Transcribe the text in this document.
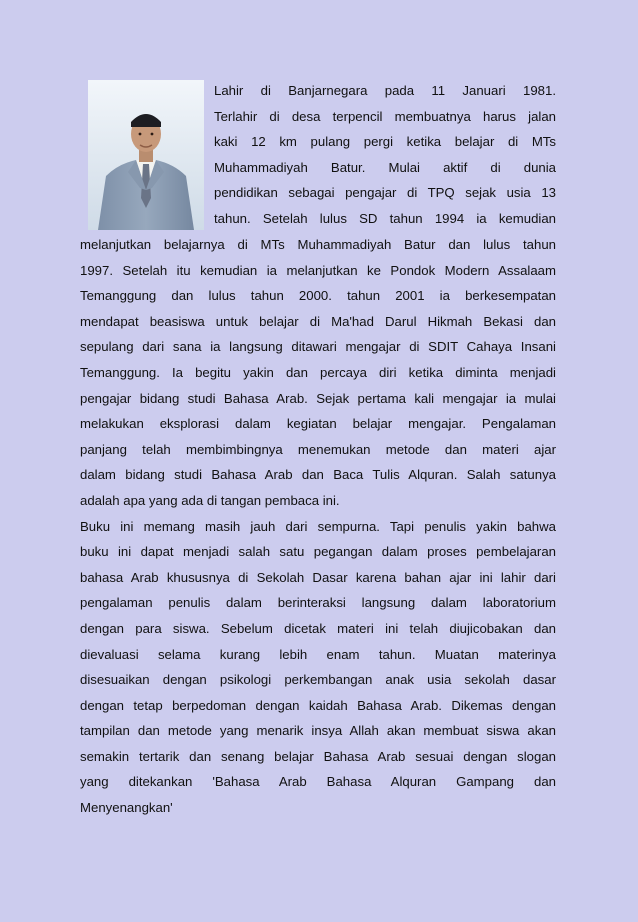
Lahir di Banjarnegara pada 11 Januari 1981.
Terlahir di desa terpencil membuatnya harus jalan
kaki 12 km pulang pergi ketika belajar di MTs
Muhammadiyah Batur. Mulai aktif di dunia
pendidikan sebagai pengajar di TPQ sejak usia 13
tahun. Setelah lulus SD tahun 1994 ia kemudian
melanjutkan belajarnya di MTs Muhammadiyah Batur dan lulus tahun
1997. Setelah itu kemudian ia melanjutkan ke Pondok Modern Assalaam
Temanggung dan lulus tahun 2000. tahun 2001 ia berkesempatan
mendapat beasiswa untuk belajar di Ma'had Darul Hikmah Bekasi dan
sepulang dari sana ia langsung ditawari mengajar di SDIT Cahaya Insani
Temanggung. Ia begitu yakin dan percaya diri ketika diminta menjadi
pengajar bidang studi Bahasa Arab. Sejak pertama kali mengajar ia mulai
melakukan eksplorasi dalam kegiatan belajar mengajar. Pengalaman
panjang telah membimbingnya menemukan metode dan materi ajar
dalam bidang studi Bahasa Arab dan Baca Tulis Alquran. Salah satunya
adalah apa yang ada di tangan pembaca ini.
Buku ini memang masih jauh dari sempurna. Tapi penulis yakin bahwa
buku ini dapat menjadi salah satu pegangan dalam proses pembelajaran
bahasa Arab khususnya di Sekolah Dasar karena bahan ajar ini lahir dari
pengalaman penulis dalam berinteraksi langsung dalam laboratorium
dengan para siswa. Sebelum dicetak materi ini telah diujicobakan dan
dievaluasi selama kurang lebih enam tahun. Muatan materinya
disesuaikan dengan psikologi perkembangan anak usia sekolah dasar
dengan tetap berpedoman dengan kaidah Bahasa Arab. Dikemas dengan
tampilan dan metode yang menarik insya Allah akan membuat siswa akan
semakin tertarik dan senang belajar Bahasa Arab sesuai dengan slogan
yang ditekankan 'Bahasa Arab Bahasa Alquran Gampang dan
Menyenangkan'
